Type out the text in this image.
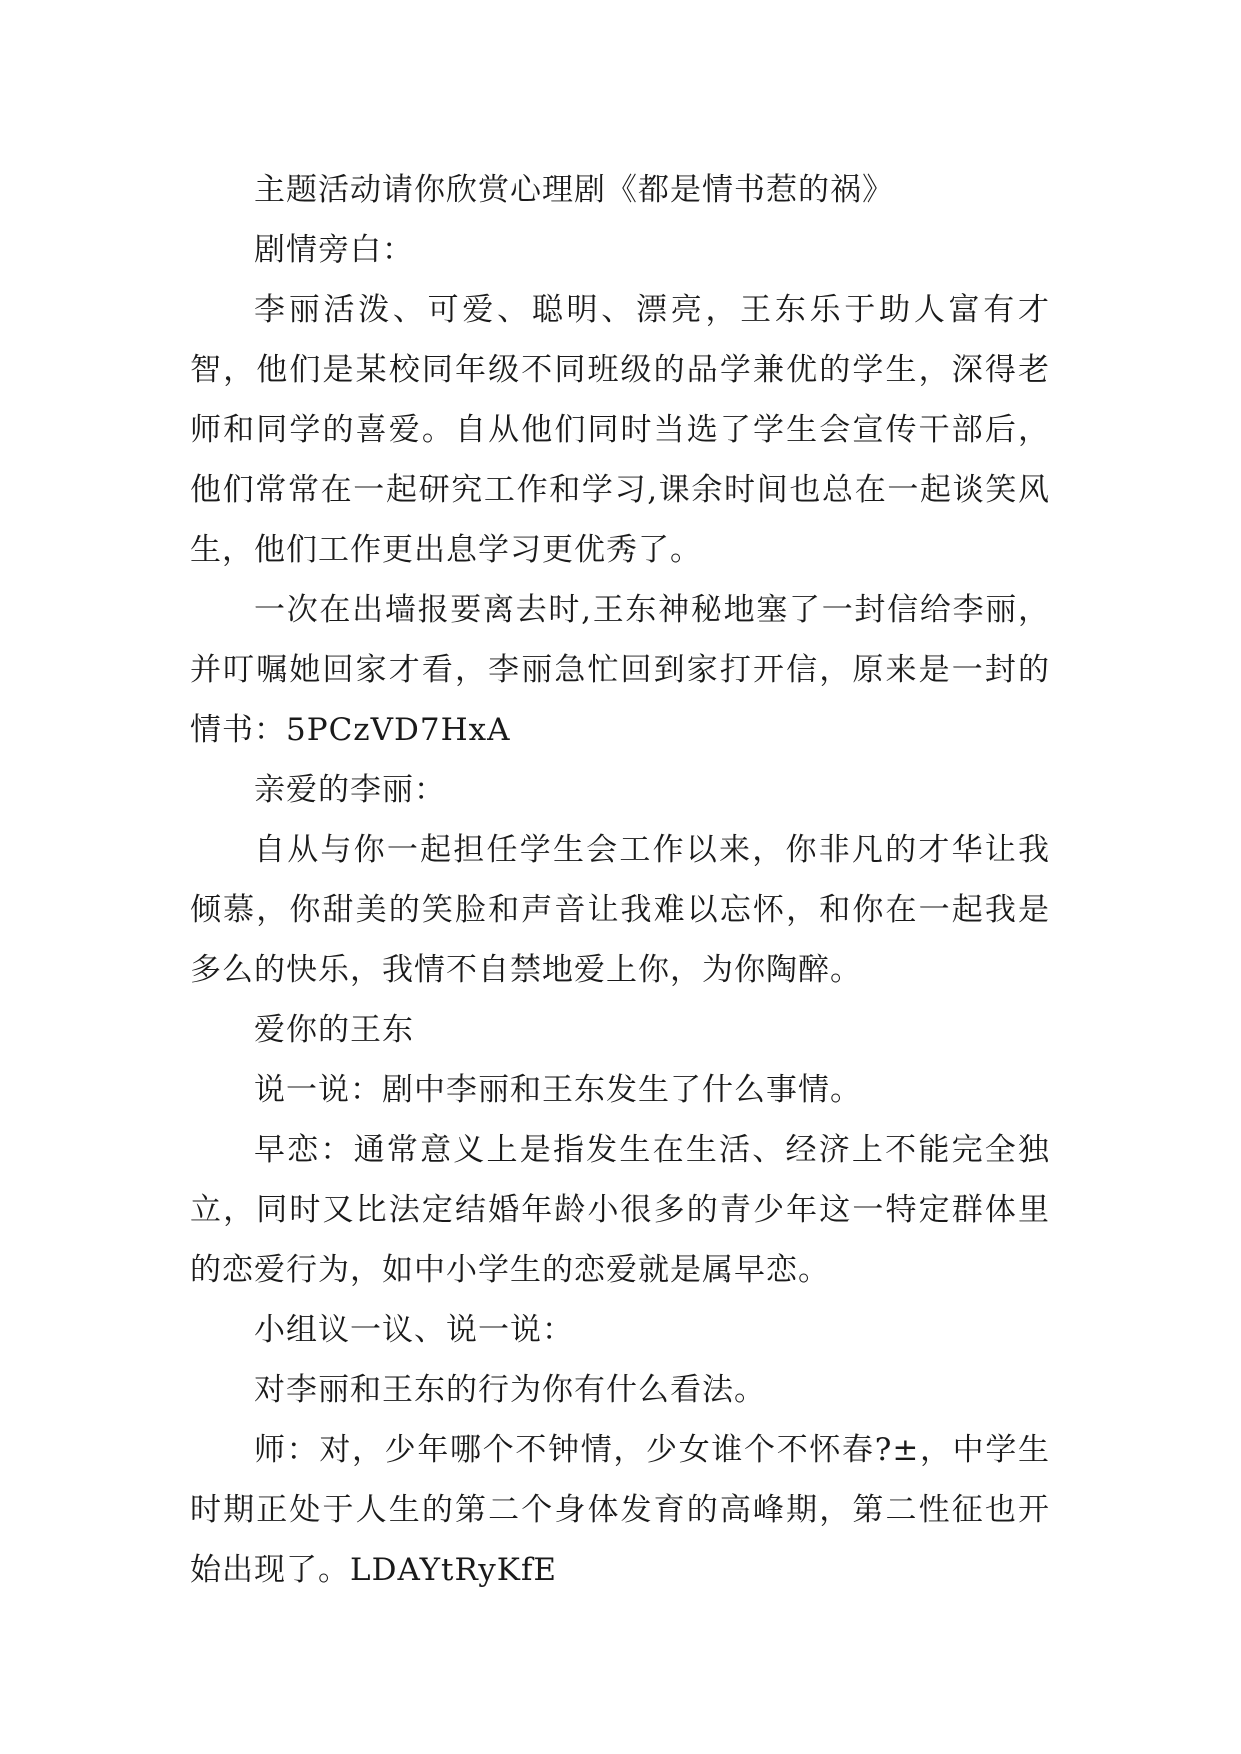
主题活动请你欣赏心理剧《都是情书惹的祸》

剧情旁白：

李丽活泼、可爱、聪明、漂亮，王东乐于助人富有才智，他们是某校同年级不同班级的品学兼优的学生，深得老师和同学的喜爱。自从他们同时当选了学生会宣传干部后，他们常常在一起研究工作和学习,课余时间也总在一起谈笑风生，他们工作更出息学习更优秀了。

一次在出墙报要离去时,王东神秘地塞了一封信给李丽，并叮嘱她回家才看，李丽急忙回到家打开信，原来是一封的情书：5PCzVD7HxA

亲爱的李丽：

自从与你一起担任学生会工作以来，你非凡的才华让我倾慕，你甜美的笑脸和声音让我难以忘怀，和你在一起我是多么的快乐，我情不自禁地爱上你，为你陶醉。

爱你的王东

说一说：剧中李丽和王东发生了什么事情。

早恋：通常意义上是指发生在生活、经济上不能完全独立，同时又比法定结婚年龄小很多的青少年这一特定群体里的恋爱行为，如中小学生的恋爱就是属早恋。

小组议一议、说一说：

对李丽和王东的行为你有什么看法。

师：对，少年哪个不钟情，少女谁个不怀春?±，中学生时期正处于人生的第二个身体发育的高峰期，第二性征也开始出现了。LDAYtRyKfE
